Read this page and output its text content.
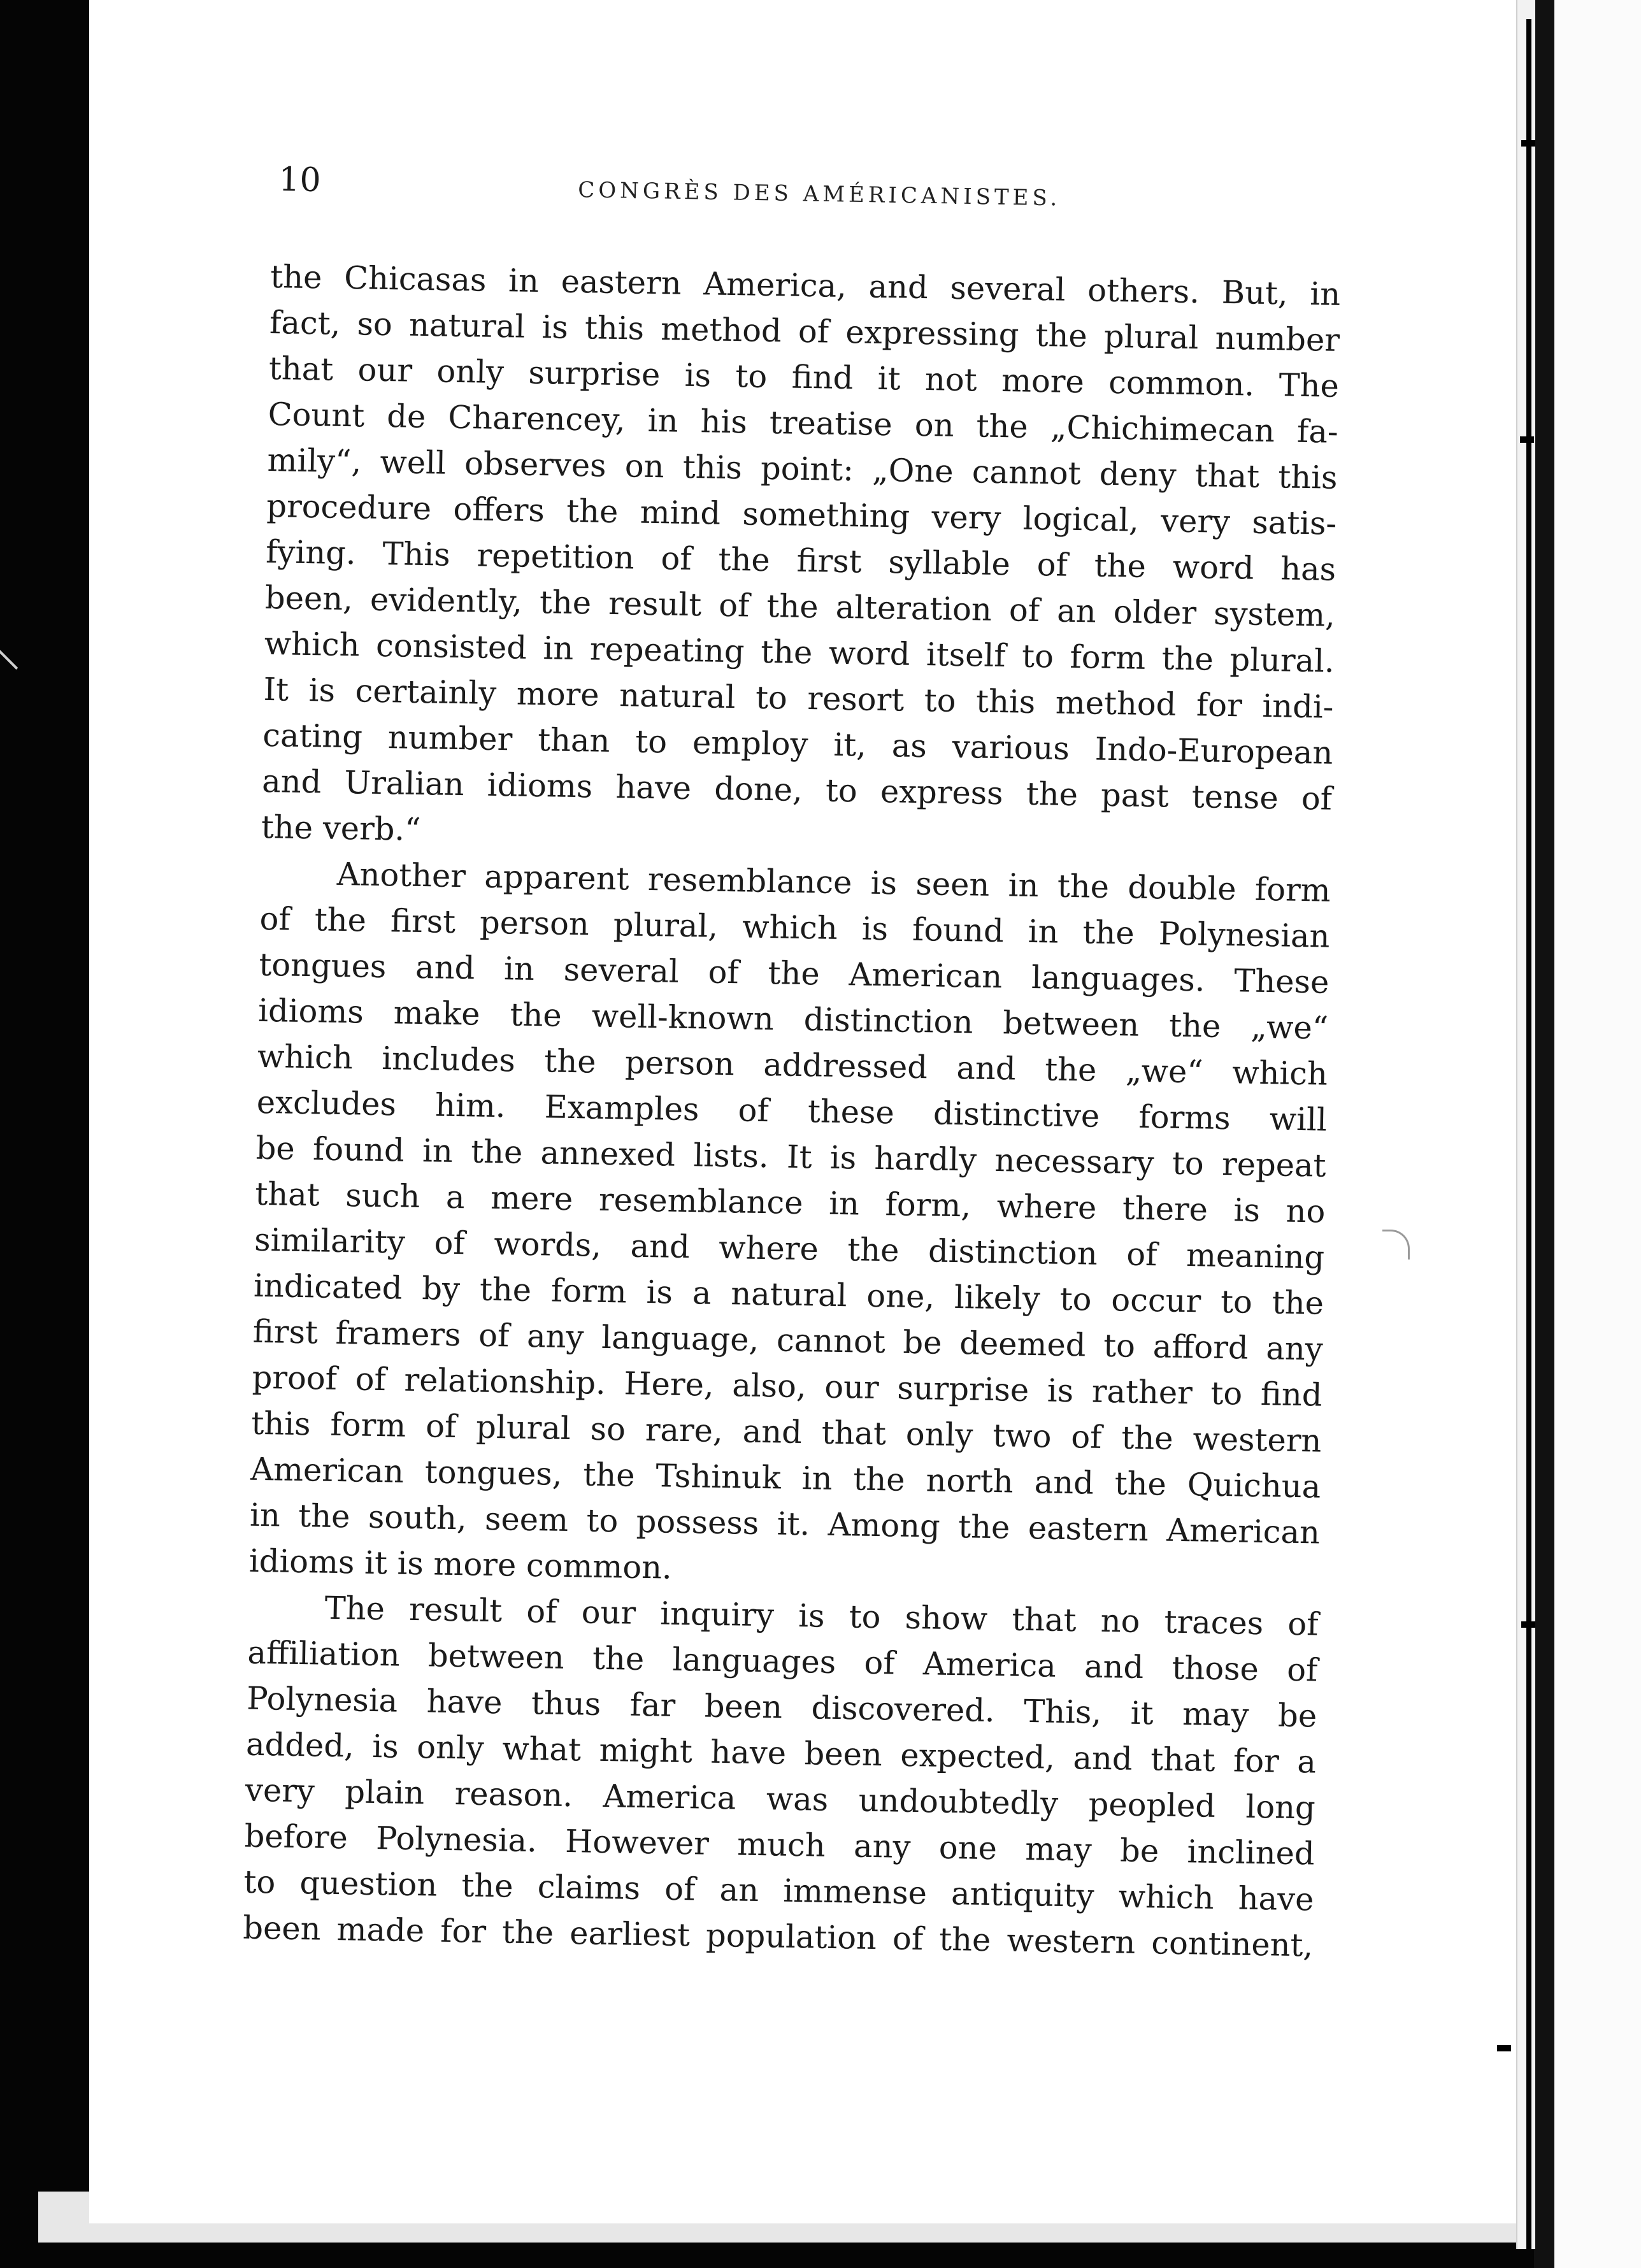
10	CONGRÈS DES AMÉRICANISTES.
the Chicasas in eastern America, and several others. But, in
fact, so natural is this method of expressing the plural number
that our only surprise is to find it not more common. The
Count de Charencey, in his treatise on the „Chichimecan fa-
mily“, well observes on this point: „One cannot deny that this
procedure offers the mind something very logical, very satis-
fying. This repetition of the first syllable of the word has
been, evidently, the result of the alteration of an older system,
which consisted in repeating the word itself to form the plural.
It is certainly more natural to resort to this method for indi-
cating number than to employ it, as various Indo-European
and Uralian idioms have done, to express the past tense of
the verb.“
Another apparent resemblance is seen in the double form
of the first person plural, which is found in the Polynesian
tongues and in several of the American languages. These
idioms make the well-known distinction between the „we“
which includes the person addressed and the „we“ which
excludes him. Examples of these distinctive forms will
be found in the annexed lists. It is hardly necessary to repeat
that such a mere resemblance in form, where there is no
similarity of words, and where the distinction of meaning
indicated by the form is a natural one, likely to occur to the
first framers of any language, cannot be deemed to afford any
proof of relationship. Here, also, our surprise is rather to find
this form of plural so rare, and that only two of the western
American tongues, the Tshinuk in the north and the Quichua
in the south, seem to possess it. Among the eastern American
idioms it is more common.
The result of our inquiry is to show that no traces of
affiliation between the languages of America and those of
Polynesia have thus far been discovered. This, it may be
added, is only what might have been expected, and that for a
very plain reason. America was undoubtedly peopled long
before Polynesia. However much any one may be inclined
to question the claims of an immense antiquity which have
been made for the earliest population of the western continent,
